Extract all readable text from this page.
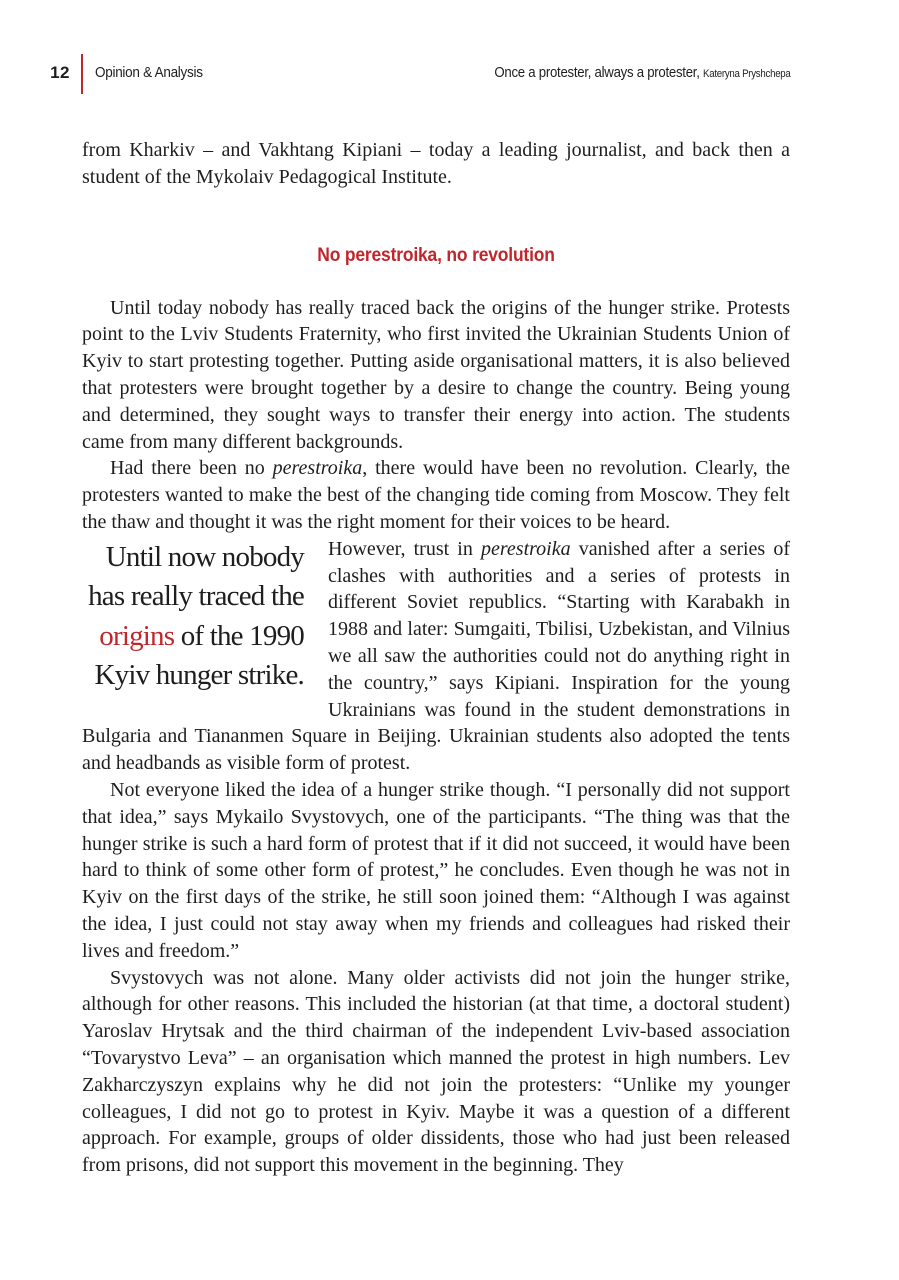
12 Opinion & Analysis	Once a protester, always a protester, Kateryna Pryshchepa

from Kharkiv – and Vakhtang Kipiani – today a leading journalist, and back then a student of the Mykolaiv Pedagogical Institute.

No perestroika, no revolution

Until today nobody has really traced back the origins of the hunger strike. Protests point to the Lviv Students Fraternity, who first invited the Ukrainian Students Union of Kyiv to start protesting together. Putting aside organisational matters, it is also believed that protesters were brought together by a desire to change the country. Being young and determined, they sought ways to transfer their energy into action. The students came from many different backgrounds.

Had there been no perestroika, there would have been no revolution. Clearly, the protesters wanted to make the best of the changing tide coming from Moscow. They felt the thaw and thought it was the right moment for their voices to be heard.

Until now nobody has really traced the origins of the 1990 Kyiv hunger strike.
However, trust in perestroika vanished after a series of clashes with authorities and a series of protests in different Soviet republics. “Starting with Karabakh in 1988 and later: Sumgaiti, Tbilisi, Uzbekistan, and Vilnius we all saw the authorities could not do anything right in the country,” says Kipiani. Inspiration for the young Ukrainians was found in the student demonstrations in Bulgaria and Tiananmen Square in Beijing. Ukrainian students also adopted the tents and headbands as visible form of protest.

Not everyone liked the idea of a hunger strike though. “I personally did not support that idea,” says Mykailo Svystovych, one of the participants. “The thing was that the hunger strike is such a hard form of protest that if it did not succeed, it would have been hard to think of some other form of protest,” he concludes. Even though he was not in Kyiv on the first days of the strike, he still soon joined them: “Although I was against the idea, I just could not stay away when my friends and colleagues had risked their lives and freedom.”

Svystovych was not alone. Many older activists did not join the hunger strike, although for other reasons. This included the historian (at that time, a doctoral student) Yaroslav Hrytsak and the third chairman of the independent Lviv-based association “Tovarystvo Leva” – an organisation which manned the protest in high numbers. Lev Zakharczyszyn explains why he did not join the protesters: “Unlike my younger colleagues, I did not go to protest in Kyiv. Maybe it was a question of a different approach. For example, groups of older dissidents, those who had just been released from prisons, did not support this movement in the beginning. They
